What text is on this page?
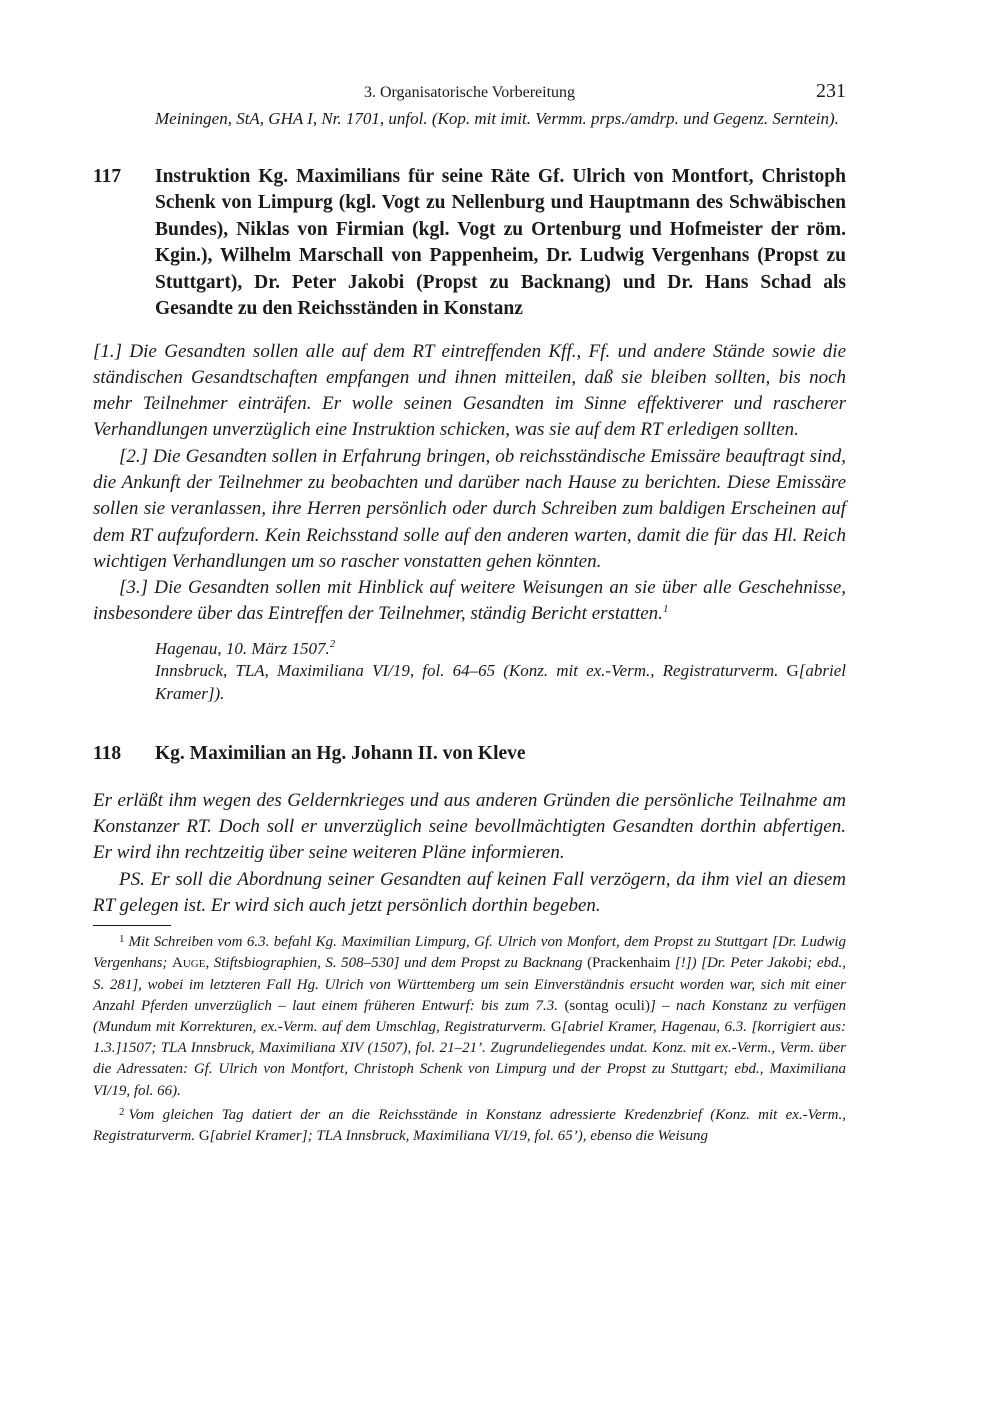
3. Organisatorische Vorbereitung	231

Meiningen, StA, GHA I, Nr. 1701, unfol. (Kop. mit imit. Vermm. prps./amdrp. und Gegenz. Serntein).

117 Instruktion Kg. Maximilians für seine Räte Gf. Ulrich von Montfort, Christoph Schenk von Limpurg (kgl. Vogt zu Nellenburg und Hauptmann des Schwäbischen Bundes), Niklas von Firmian (kgl. Vogt zu Ortenburg und Hofmeister der röm. Kgin.), Wilhelm Marschall von Pappenheim, Dr. Ludwig Vergenhans (Propst zu Stuttgart), Dr. Peter Jakobi (Propst zu Backnang) und Dr. Hans Schad als Gesandte zu den Reichsständen in Konstanz

[1.] Die Gesandten sollen alle auf dem RT eintreffenden Kff., Ff. und andere Stände sowie die ständischen Gesandtschaften empfangen und ihnen mitteilen, daß sie bleiben sollten, bis noch mehr Teilnehmer einträfen. Er wolle seinen Gesandten im Sinne effektiverer und rascherer Verhandlungen unverzüglich eine Instruktion schicken, was sie auf dem RT erledigen sollten.

[2.] Die Gesandten sollen in Erfahrung bringen, ob reichsständische Emissäre beauftragt sind, die Ankunft der Teilnehmer zu beobachten und darüber nach Hause zu berichten. Diese Emissäre sollen sie veranlassen, ihre Herren persönlich oder durch Schreiben zum baldigen Erscheinen auf dem RT aufzufordern. Kein Reichsstand solle auf den anderen warten, damit die für das Hl. Reich wichtigen Verhandlungen um so rascher vonstatten gehen könnten.

[3.] Die Gesandten sollen mit Hinblick auf weitere Weisungen an sie über alle Geschehnisse, insbesondere über das Eintreffen der Teilnehmer, ständig Bericht erstatten.$^1$

Hagenau, 10. März 1507.$^2$

Innsbruck, TLA, Maximiliana VI/19, fol. 64–65 (Konz. mit ex.-Verm., Registraturverm. G[abriel Kramer]).

118 Kg. Maximilian an Hg. Johann II. von Kleve

Er erläßt ihm wegen des Geldernkrieges und aus anderen Gründen die persönliche Teilnahme am Konstanzer RT. Doch soll er unverzüglich seine bevollmächtigten Gesandten dorthin abfertigen. Er wird ihn rechtzeitig über seine weiteren Pläne informieren.

PS. Er soll die Abordnung seiner Gesandten auf keinen Fall verzögern, da ihm viel an diesem RT gelegen ist. Er wird sich auch jetzt persönlich dorthin begeben.

$^1$ Mit Schreiben vom 6.3. befahl Kg. Maximilian Limpurg, Gf. Ulrich von Monfort, dem Propst zu Stuttgart [Dr. Ludwig Vergenhans; Auge, Stiftsbiographien, S. 508–530] und dem Propst zu Backnang (Prackenhaim [!]) [Dr. Peter Jakobi; ebd., S. 281], wobei im letzteren Fall Hg. Ulrich von Württemberg um sein Einverständnis ersucht worden war, sich mit einer Anzahl Pferden unverzüglich – laut einem früheren Entwurf: bis zum 7.3. (sontag oculi)] – nach Konstanz zu verfügen (Mundum mit Korrekturen, ex.-Verm. auf dem Umschlag, Registraturverm. G[abriel Kramer, Hagenau, 6.3. [korrigiert aus: 1.3.]1507; TLA Innsbruck, Maximiliana XIV (1507), fol. 21–21’. Zugrundeliegendes undat. Konz. mit ex.-Verm., Verm. über die Adressaten: Gf. Ulrich von Montfort, Christoph Schenk von Limpurg und der Propst zu Stuttgart; ebd., Maximiliana VI/19, fol. 66).

$^2$ Vom gleichen Tag datiert der an die Reichsstände in Konstanz adressierte Kredenzbrief (Konz. mit ex.-Verm., Registraturverm. G[abriel Kramer]; TLA Innsbruck, Maximiliana VI/19, fol. 65’), ebenso die Weisung
